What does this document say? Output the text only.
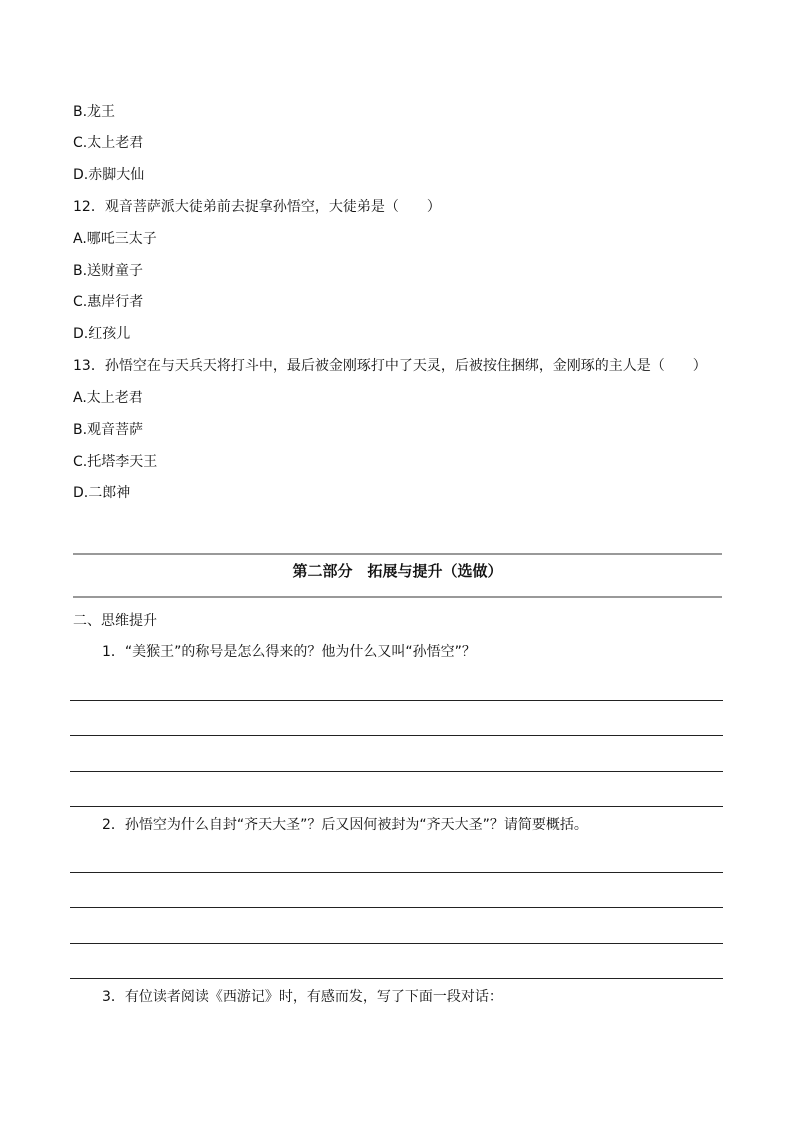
B.龙王
C.太上老君
D.赤脚大仙
12．观音菩萨派大徒弟前去捉拿孙悟空，大徒弟是（　　）
A.哪吒三太子
B.送财童子
C.惠岸行者
D.红孩儿
13．孙悟空在与天兵天将打斗中，最后被金刚琢打中了天灵，后被按住捆绑，金刚琢的主人是（　　）
A.太上老君
B.观音菩萨
C.托塔李天王
D.二郎神
第二部分　拓展与提升（选做）
二、思维提升
1．“美猴王”的称号是怎么得来的？他为什么又叫“孙悟空”？
2．孙悟空为什么自封“齐天大圣”？后又因何被封为“齐天大圣”？请简要概括。
3．有位读者阅读《西游记》时，有感而发，写了下面一段对话：
